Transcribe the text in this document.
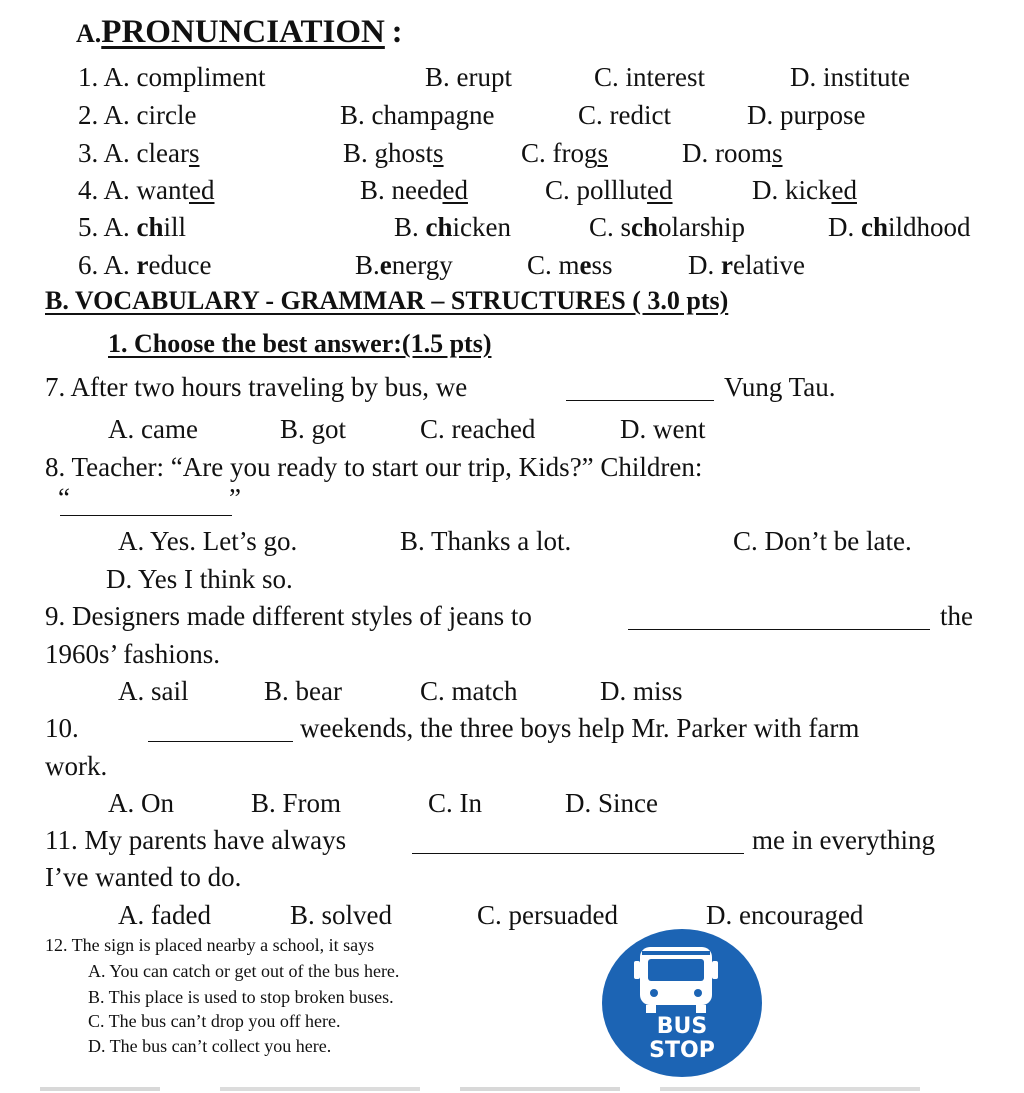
A.PRONUNCIATION :
1. A. compliment	B. erupt	C. interest	D. institute
2. A. circle	B. champagne	C. redict	D. purpose
3. A. clears	B. ghosts	C. frogs	D. rooms
4. A. wanted	B. needed	C. pollluted	D. kicked
5. A. chill	B. chicken	C. scholarship	D. childhood
6. A. reduce	B.energy	C. mess	D. relative
B. VOCABULARY - GRAMMAR – STRUCTURES ( 3.0 pts)
1. Choose the best answer:(1.5 pts)
7. After two hours traveling by bus, we	Vung Tau.
A. came	B. got	C. reached	D. went
8. Teacher: “Are you ready to start our trip, Kids?” Children:
“	”
A. Yes. Let’s go.	B. Thanks a lot.	C. Don’t be late.
D. Yes I think so.
9. Designers made different styles of jeans to	the
1960s’ fashions.
A. sail	B. bear	C. match	D. miss
10.	weekends, the three boys help Mr. Parker with farm
work.
A. On	B. From	C. In	D. Since
11. My parents have always	me in everything
I’ve wanted to do.
A. faded	B. solved	C. persuaded	D. encouraged
12. The sign is placed nearby a school, it says
A. You can catch or get out of the bus here.
B. This place is used to stop broken buses.
C. The bus can’t drop you off here.
D. The bus can’t collect you here.
BUS
STOP
